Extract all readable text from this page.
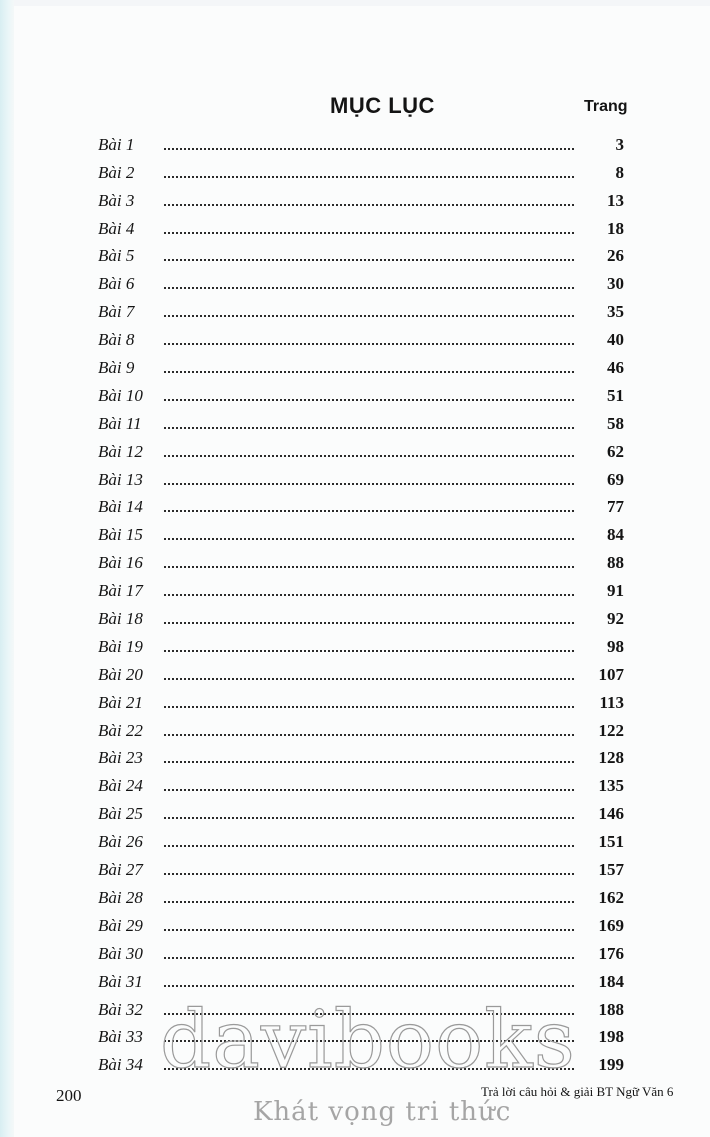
MỤC LỤC	Trang
Bài 1	3
Bài 2	8
Bài 3	13
Bài 4	18
Bài 5	26
Bài 6	30
Bài 7	35
Bài 8	40
Bài 9	46
Bài 10	51
Bài 11	58
Bài 12	62
Bài 13	69
Bài 14	77
Bài 15	84
Bài 16	88
Bài 17	91
Bài 18	92
Bài 19	98
Bài 20	107
Bài 21	113
Bài 22	122
Bài 23	128
Bài 24	135
Bài 25	146
Bài 26	151
Bài 27	157
Bài 28	162
Bài 29	169
Bài 30	176
Bài 31	184
Bài 32	188
Bài 33	198
Bài 34	199
200	Trả lời câu hỏi & giải BT Ngữ Văn 6
davibooks
Khát vọng tri thức
